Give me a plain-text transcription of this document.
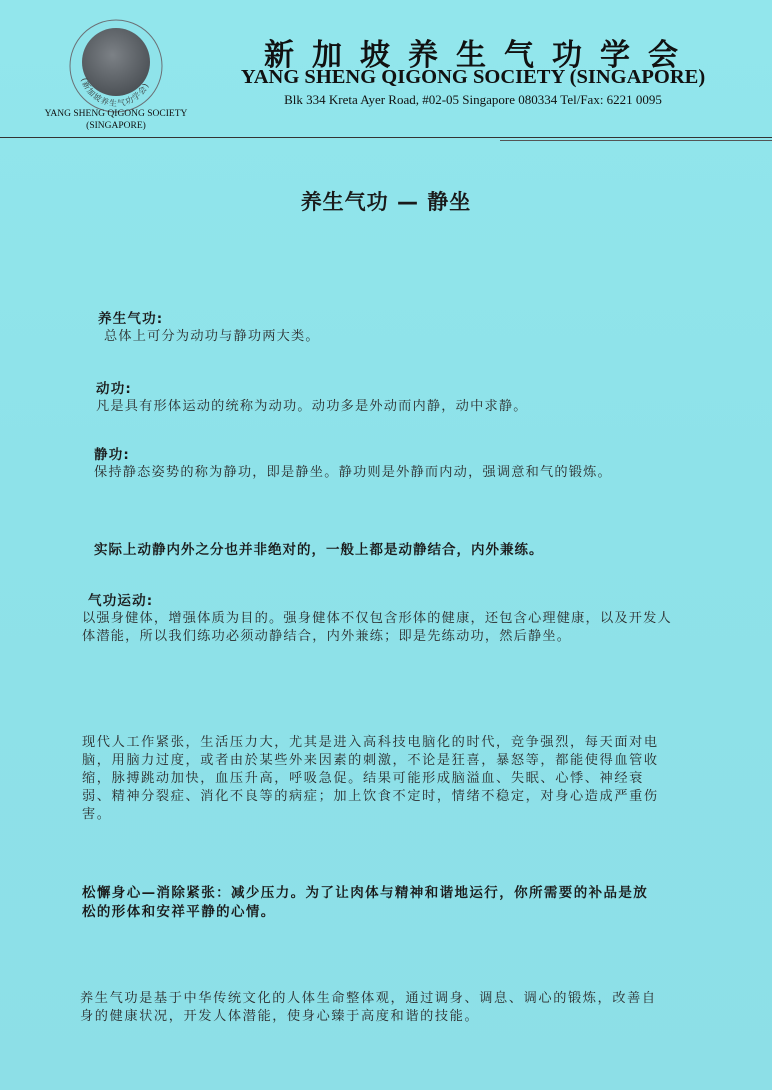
(新加坡养生气功学会)
YANG SHENG QIGONG SOCIETY
(SINGAPORE)
新加坡养生气功学会
YANG SHENG QIGONG SOCIETY (SINGAPORE)
Blk 334 Kreta Ayer Road, #02-05 Singapore 080334 Tel/Fax: 6221 0095
养生气功 — 静坐
养生气功:
总体上可分为动功与静功两大类。
动功:
凡是具有形体运动的统称为动功。动功多是外动而内静，动中求静。
静功:
保持静态姿势的称为静功，即是静坐。静功则是外静而内动，强调意和气的锻炼。
实际上动静内外之分也并非绝对的，一般上都是动静结合，内外兼练。
气功运动:
以强身健体，增强体质为目的。强身健体不仅包含形体的健康，还包含心理健康，以及开发人体潜能，所以我们练功必须动静结合，内外兼练；即是先练动功，然后静坐。
现代人工作紧张，生活压力大，尤其是进入高科技电脑化的时代，竞争强烈，每天面对电脑，用脑力过度，或者由於某些外来因素的刺激，不论是狂喜，暴怒等，都能使得血管收缩，脉搏跳动加快，血压升高，呼吸急促。结果可能形成脑溢血、失眠、心悸、神经衰弱、精神分裂症、消化不良等的病症；加上饮食不定时，情绪不稳定，对身心造成严重伤害。
松懈身心—消除紧张：减少压力。为了让肉体与精神和谐地运行，你所需要的补品是放松的形体和安祥平静的心情。
养生气功是基于中华传统文化的人体生命整体观，通过调身、调息、调心的锻炼，改善自身的健康状况，开发人体潜能，使身心臻于高度和谐的技能。
